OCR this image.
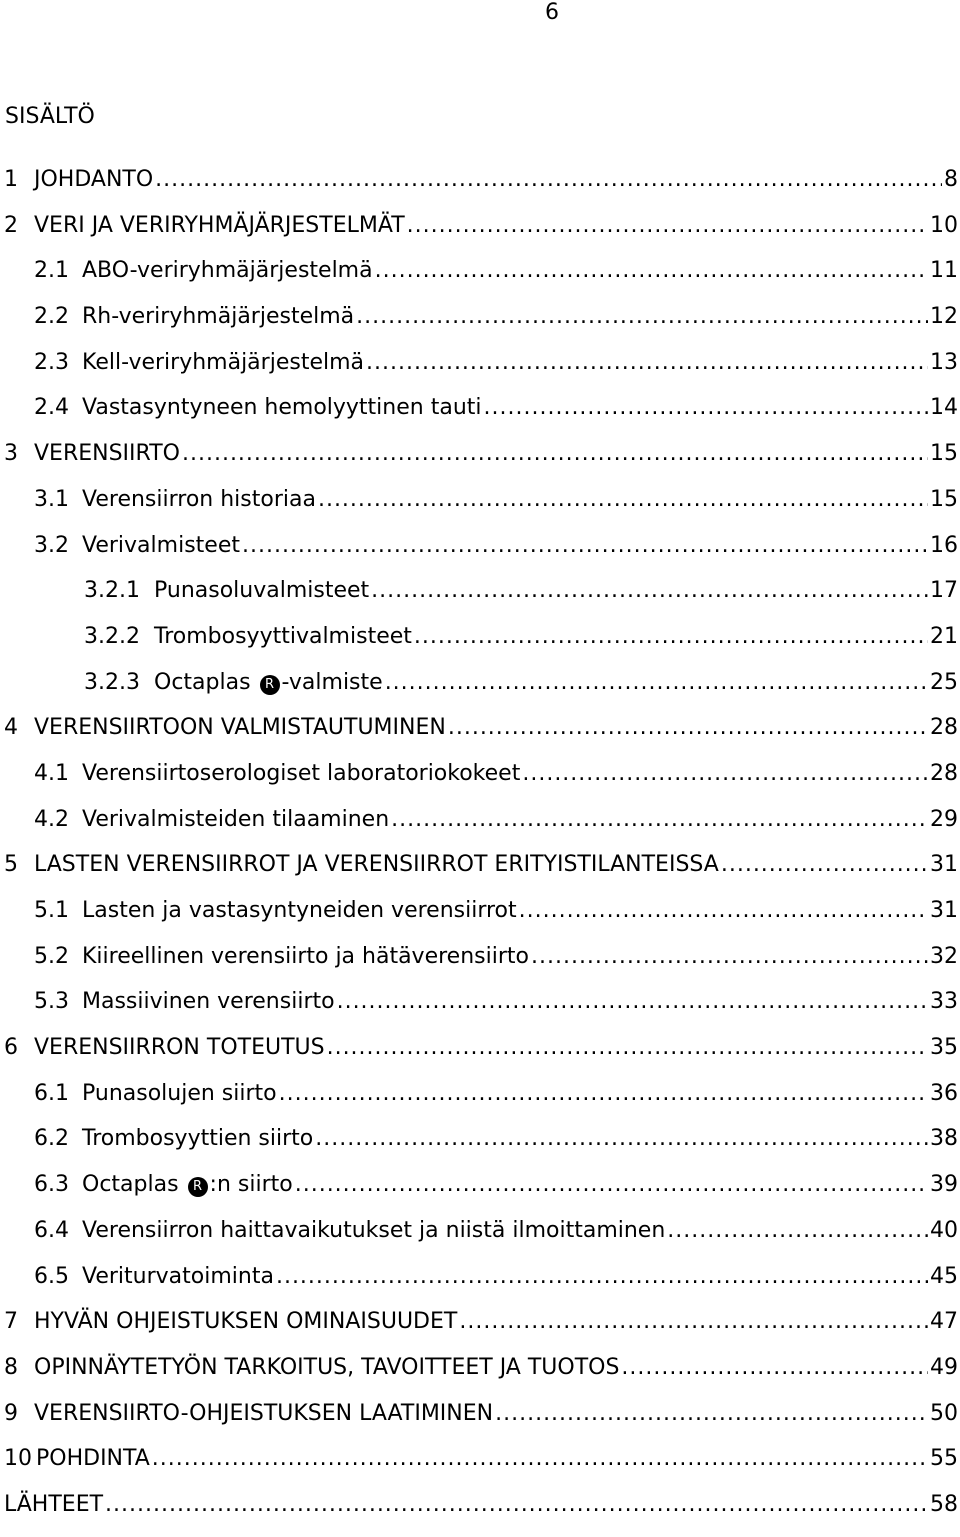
6
SISÄLTÖ
1 JOHDANTO .....	8
2 VERI JA VERIRYHMÄJÄRJESTELMÄT .....	10
2.1 ABO-veriryhmäjärjestelmä .....	11
2.2 Rh-veriryhmäjärjestelmä .....	12
2.3 Kell-veriryhmäjärjestelmä .....	13
2.4 Vastasyntyneen hemolyyttinen tauti .....	14
3 VERENSIIRTO .....	15
3.1 Verensiirron historiaa .....	15
3.2 Verivalmisteet .....	16
3.2.1 Punasoluvalmisteet .....	17
3.2.2 Trombosyyttivalmisteet .....	21
3.2.3 Octaplas R -valmiste .....	25
4 VERENSIIRTOON VALMISTAUTUMINEN .....	28
4.1 Verensiirtoserologiset laboratoriokokeet .....	28
4.2 Verivalmisteiden tilaaminen .....	29
5 LASTEN VERENSIIRROT JA VERENSIIRROT ERITYISTILANTEISSA .....	31
5.1 Lasten ja vastasyntyneiden verensiirrot .....	31
5.2 Kiireellinen verensiirto ja hätäverensiirto .....	32
5.3 Massiivinen verensiirto .....	33
6 VERENSIIRRON TOTEUTUS .....	35
6.1 Punasolujen siirto .....	36
6.2 Trombosyyttien siirto .....	38
6.3 Octaplas R :n siirto .....	39
6.4 Verensiirron haittavaikutukset ja niistä ilmoittaminen .....	40
6.5 Veriturvatoiminta .....	45
7 HYVÄN OHJEISTUKSEN OMINAISUUDET .....	47
8 OPINNÄYTETYÖN TARKOITUS, TAVOITTEET JA TUOTOS .....	49
9 VERENSIIRTO-OHJEISTUKSEN LAATIMINEN .....	50
10 POHDINTA .....	55
LÄHTEET .....	58
